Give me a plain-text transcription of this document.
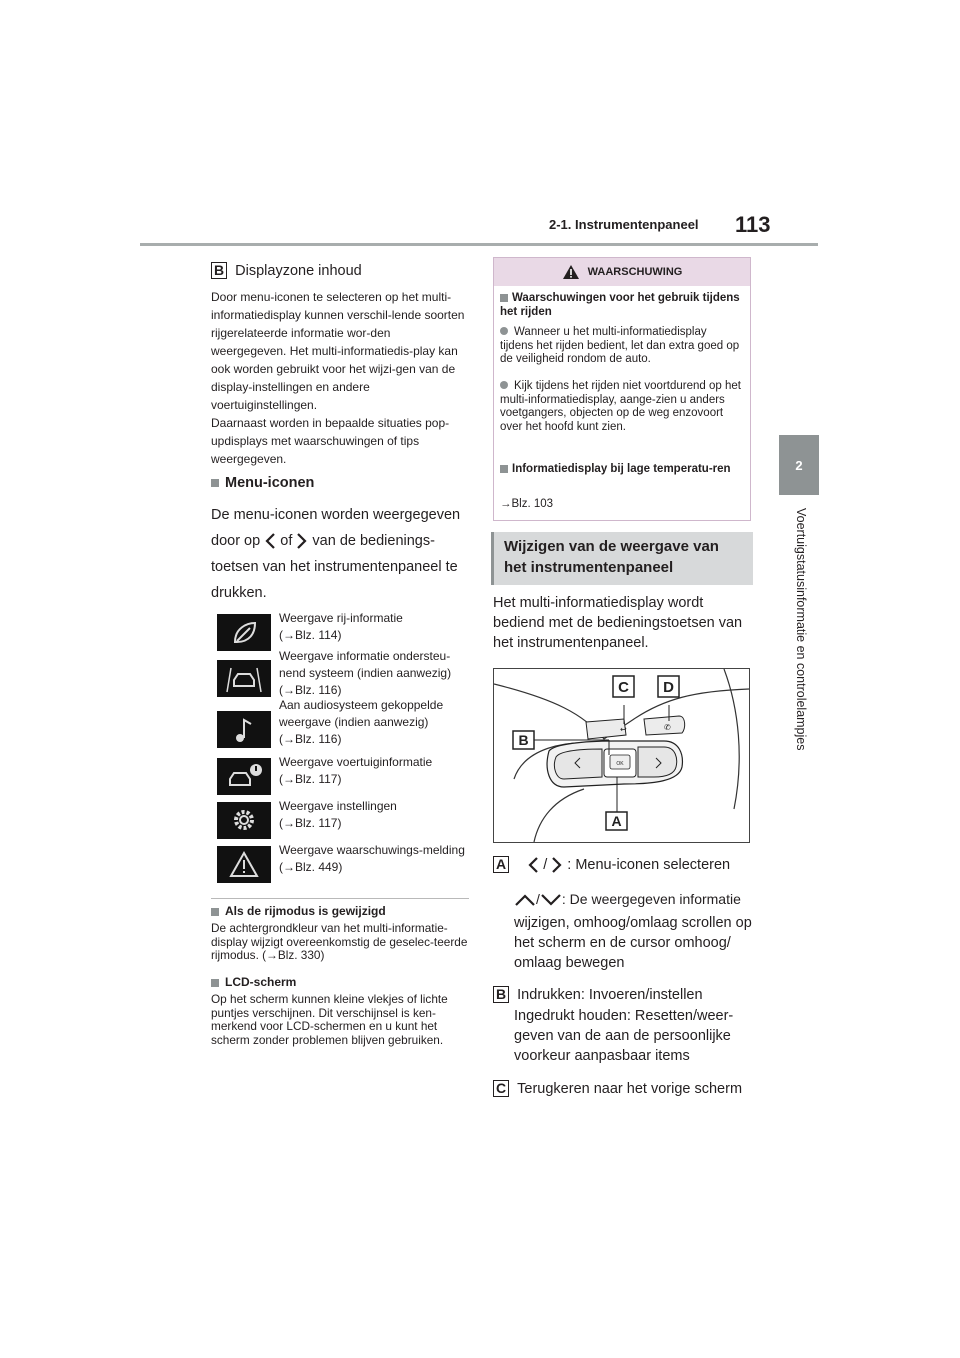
2-1. Instrumentenpaneel 113
2
Voertuigstatusinformatie en controlelampjes
B Displayzone inhoud
Door menu-iconen te selecteren op het multi-informatiedisplay kunnen verschil-lende soorten rijgerelateerde informatie wor-den weergegeven. Het multi-informatiedis-play kan ook worden gebruikt voor het wijzi-gen van de display-instellingen en andere voertuiginstellingen.
Daarnaast worden in bepaalde situaties pop-updisplays met waarschuwingen of tips weergegeven.
Menu-iconen
De menu-iconen worden weergegeven door op of van de bedienings-toetsen van het instrumentenpaneel te drukken.
Weergave rij-informatie
(→Blz. 114)
Weergave informatie ondersteu-nend systeem (indien aanwezig)
(→Blz. 116)
Aan audiosysteem gekoppelde weergave (indien aanwezig)
(→Blz. 116)
Weergave voertuiginformatie
(→Blz. 117)
Weergave instellingen
(→Blz. 117)
Weergave waarschuwings-melding (→Blz. 449)
Als de rijmodus is gewijzigd
De achtergrondkleur van het multi-informatie-display wijzigt overeenkomstig de geselec-teerde rijmodus. (→Blz. 330)
LCD-scherm
Op het scherm kunnen kleine vlekjes of lichte puntjes verschijnen. Dit verschijnsel is ken-merkend voor LCD-schermen en u kunt het scherm zonder problemen blijven gebruiken.
WAARSCHUWING
Waarschuwingen voor het gebruik tijdens het rijden
Wanneer u het multi-informatiedisplay tijdens het rijden bedient, let dan extra goed op de veiligheid rondom de auto.
Kijk tijdens het rijden niet voortdurend op het multi-informatiedisplay, aange-zien u anders voetgangers, objecten op de weg enzovoort over het hoofd kunt zien.
Informatiedisplay bij lage temperatu-ren
→Blz. 103
Wijzigen van de weergave van
het instrumentenpaneel
Het multi-informatiedisplay wordt bediend met de bedieningstoetsen van het instrumentenpaneel.
OK
↩	✆
B
C D
A
A	/ : Menu-iconen selecteren
/ : De weergegeven informatie
wijzigen, omhoog/omlaag scrollen op het scherm en de cursor omhoog/ omlaag bewegen
B Indrukken: Invoeren/instellen
Ingedrukt houden: Resetten/weer-geven van de aan de persoonlijke voorkeur aanpasbaar items
C Terugkeren naar het vorige scherm
